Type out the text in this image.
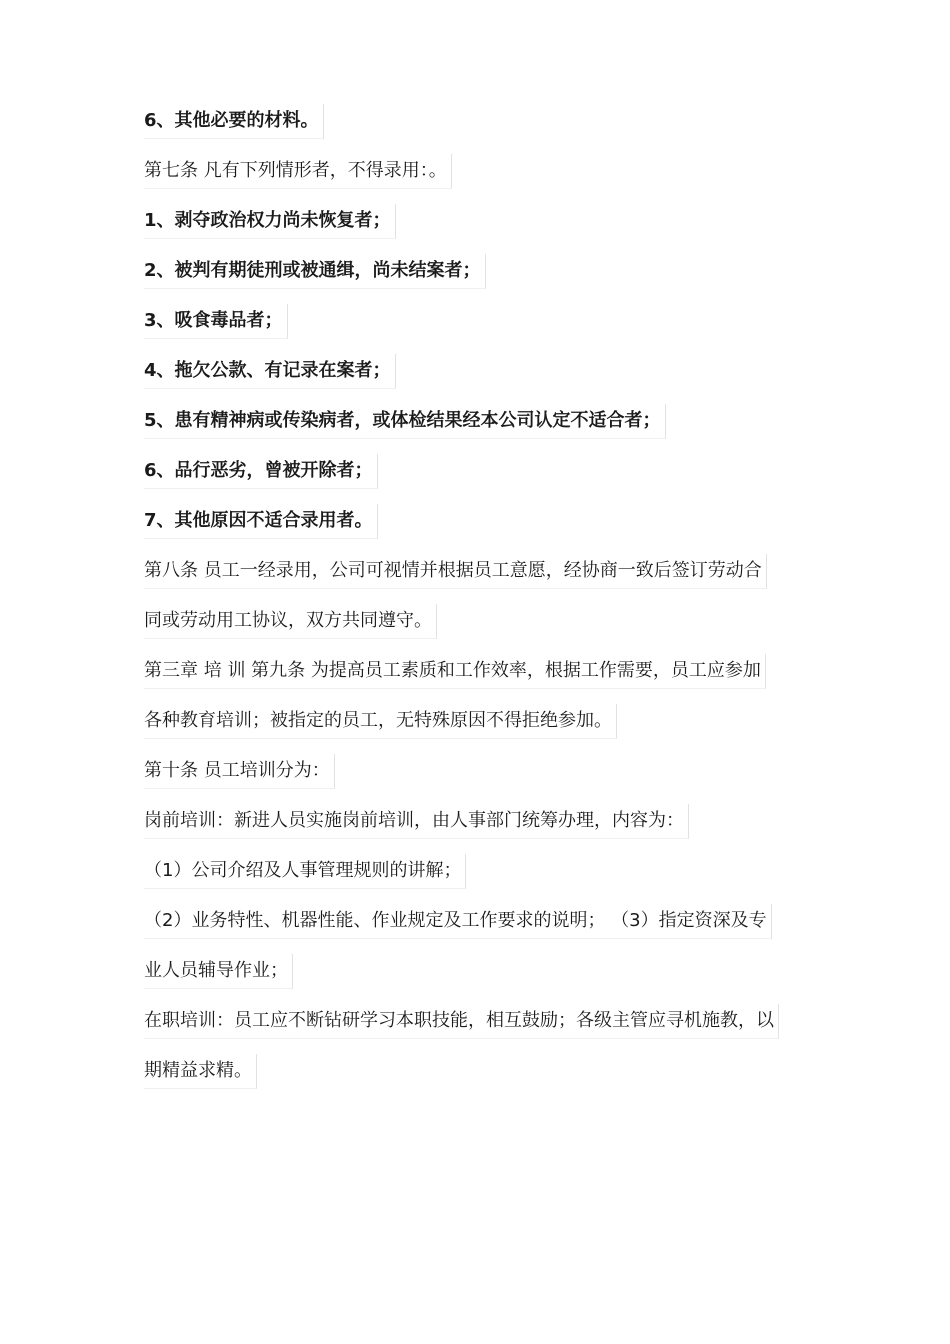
6、其他必要的材料。
第七条 凡有下列情形者，不得录用：。
1、剥夺政治权力尚未恢复者；
2、被判有期徒刑或被通缉，尚未结案者；
3、吸食毒品者；
4、拖欠公款、有记录在案者；
5、患有精神病或传染病者，或体检结果经本公司认定不适合者；
6、品行恶劣，曾被开除者；
7、其他原因不适合录用者。
第八条 员工一经录用，公司可视情并根据员工意愿，经协商一致后签订劳动合
同或劳动用工协议，双方共同遵守。
第三章 培 训 第九条 为提高员工素质和工作效率，根据工作需要，员工应参加
各种教育培训；被指定的员工，无特殊原因不得拒绝参加。
第十条 员工培训分为：
岗前培训：新进人员实施岗前培训，由人事部门统筹办理，内容为：
（1）公司介绍及人事管理规则的讲解；
（2）业务特性、机器性能、作业规定及工作要求的说明； （3）指定资深及专
业人员辅导作业；
在职培训：员工应不断钻研学习本职技能，相互鼓励；各级主管应寻机施教，以
期精益求精。
